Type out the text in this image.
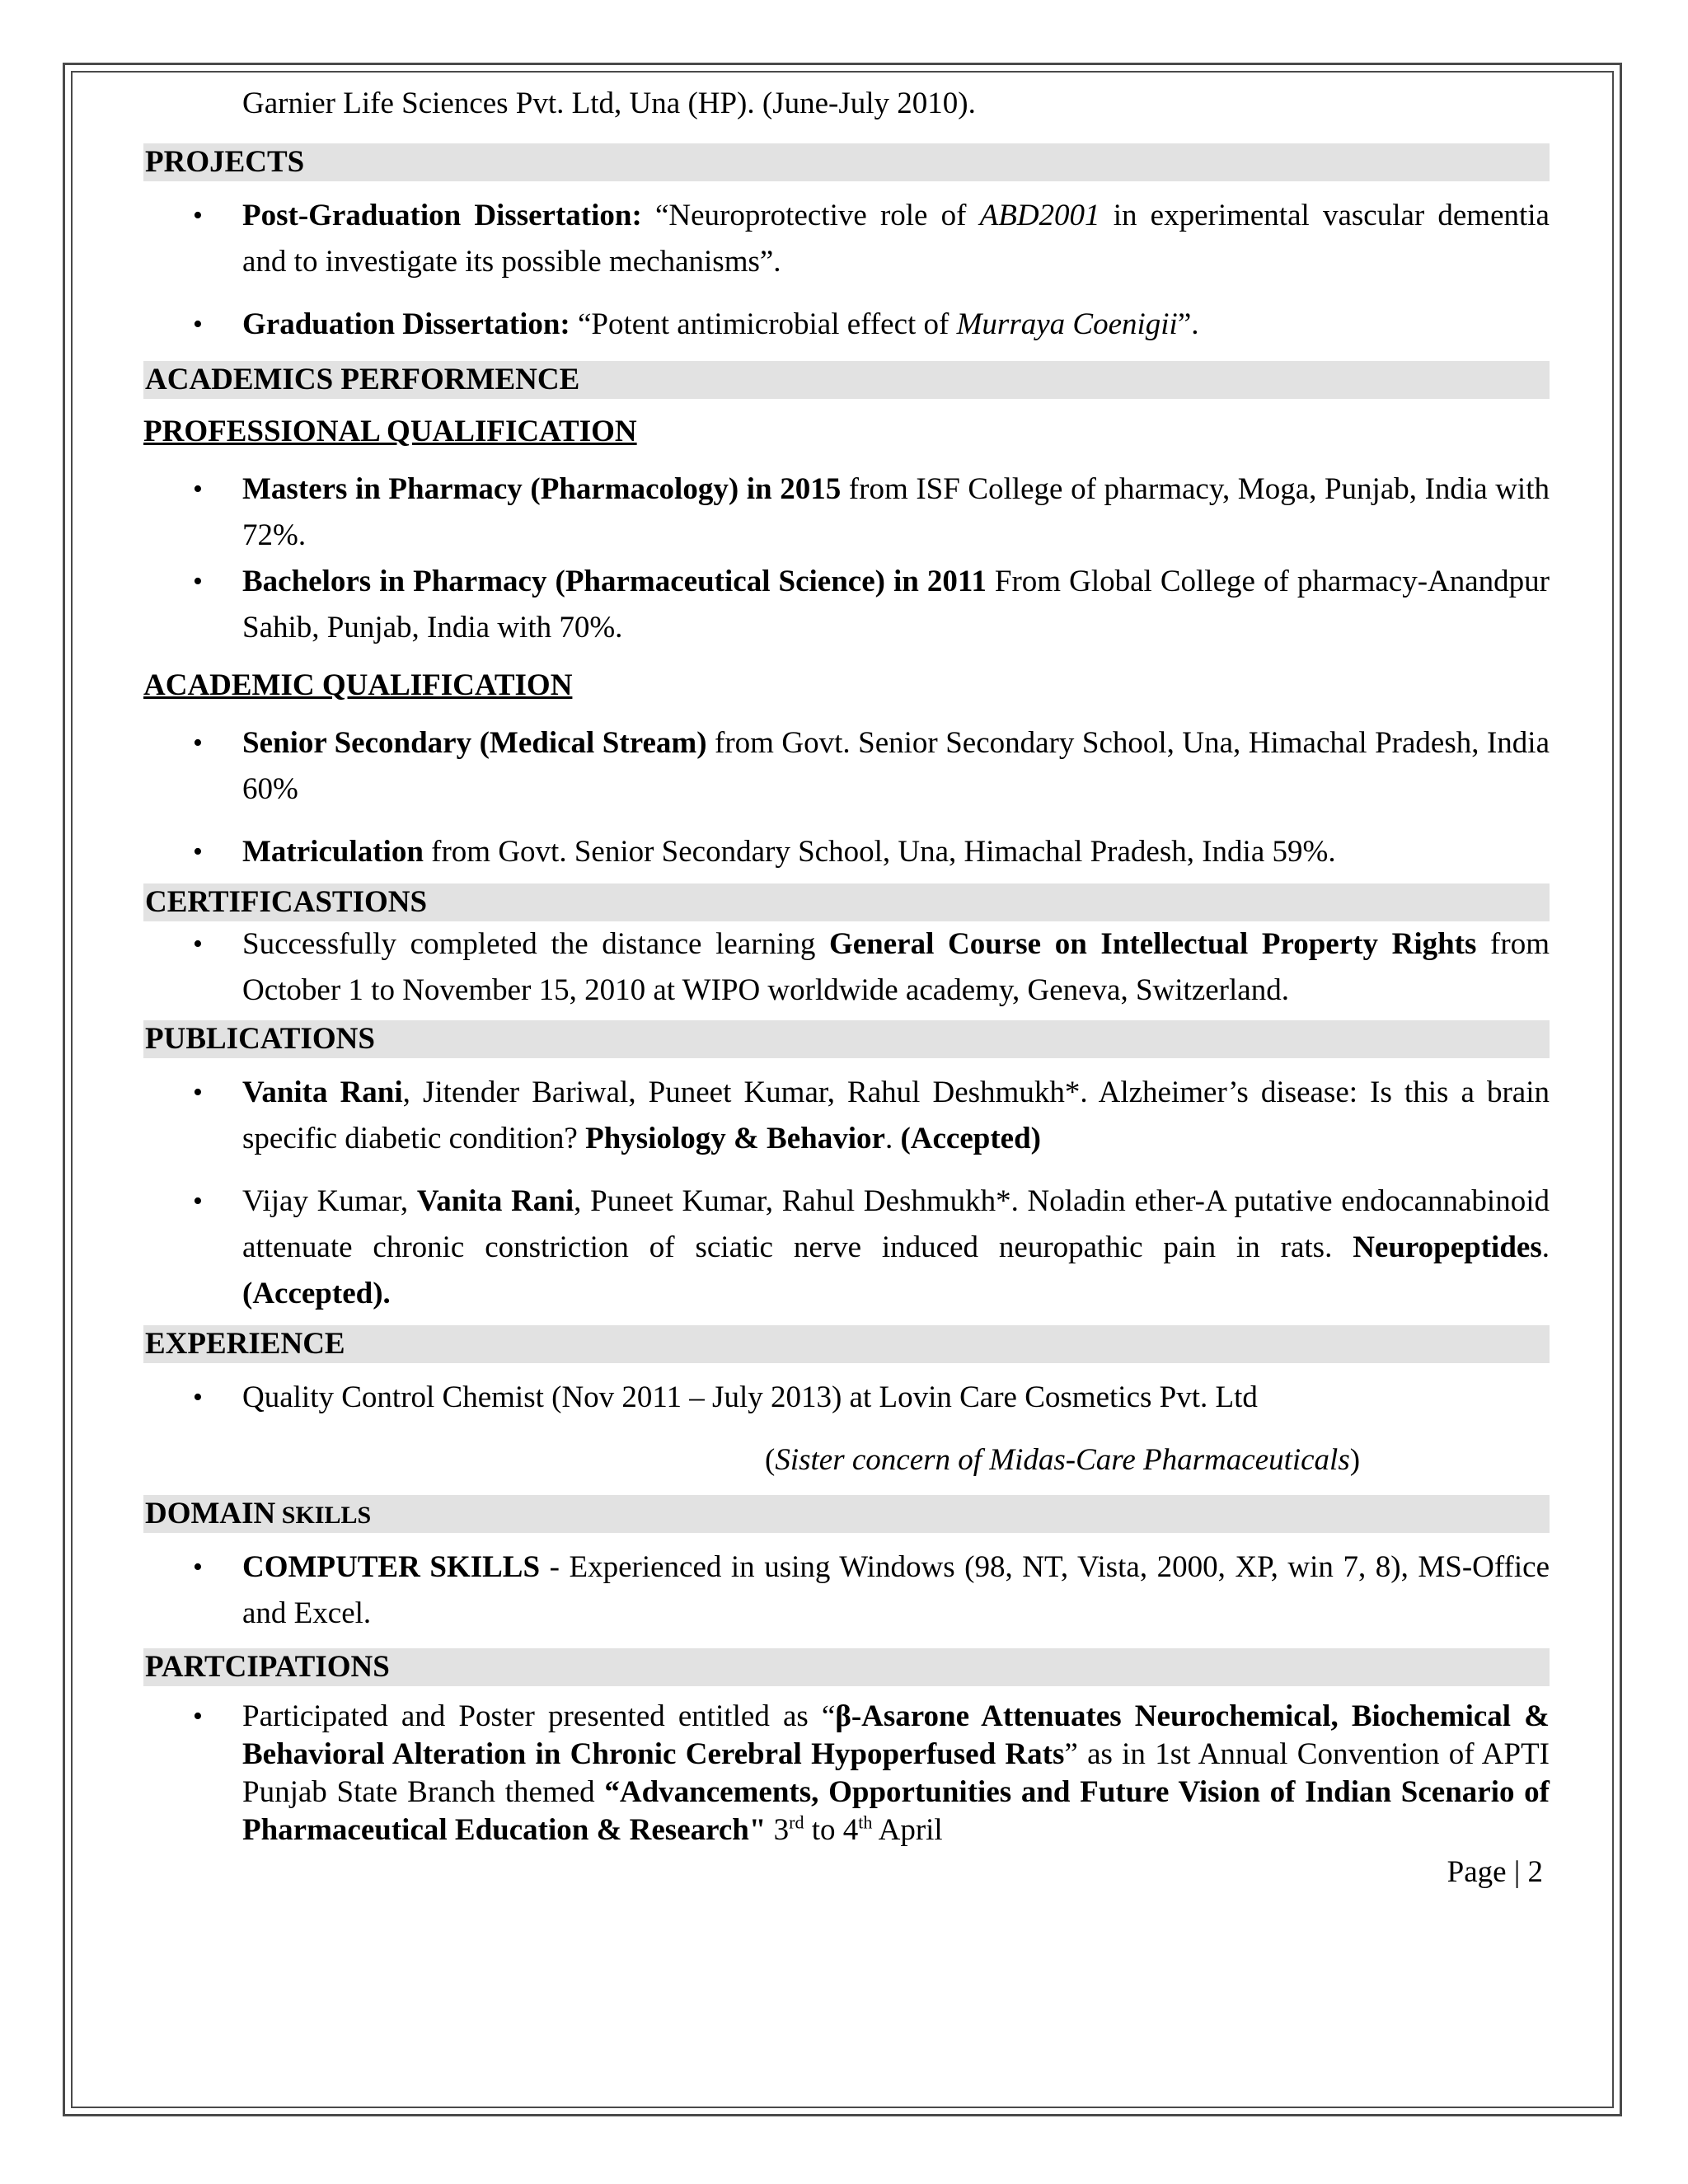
Garnier Life Sciences Pvt. Ltd, Una (HP). (June-July 2010).
PROJECTS
• Post-Graduation Dissertation: “Neuroprotective role of ABD2001 in experimental vascular dementia and to investigate its possible mechanisms”.
• Graduation Dissertation: “Potent antimicrobial effect of Murraya Coenigii”.
ACADEMICS PERFORMENCE
PROFESSIONAL QUALIFICATION
• Masters in Pharmacy (Pharmacology) in 2015 from ISF College of pharmacy, Moga, Punjab, India with 72%.
• Bachelors in Pharmacy (Pharmaceutical Science) in 2011 From Global College of pharmacy-Anandpur Sahib, Punjab, India with 70%.
ACADEMIC QUALIFICATION
• Senior Secondary (Medical Stream) from Govt. Senior Secondary School, Una, Himachal Pradesh, India 60%
• Matriculation from Govt. Senior Secondary School, Una, Himachal Pradesh, India 59%.
CERTIFICASTIONS
• Successfully completed the distance learning General Course on Intellectual Property Rights from October 1 to November 15, 2010 at WIPO worldwide academy, Geneva, Switzerland.
PUBLICATIONS
• Vanita Rani, Jitender Bariwal, Puneet Kumar, Rahul Deshmukh*. Alzheimer’s disease: Is this a brain specific diabetic condition? Physiology & Behavior. (Accepted)
• Vijay Kumar, Vanita Rani, Puneet Kumar, Rahul Deshmukh*. Noladin ether-A putative endocannabinoid attenuate chronic constriction of sciatic nerve induced neuropathic pain in rats. Neuropeptides. (Accepted).
EXPERIENCE
• Quality Control Chemist (Nov 2011 – July 2013) at Lovin Care Cosmetics Pvt. Ltd
(Sister concern of Midas-Care Pharmaceuticals)
DOMAIN SKILLS
• COMPUTER SKILLS - Experienced in using Windows (98, NT, Vista, 2000, XP, win 7, 8), MS-Office and Excel.
PARTCIPATIONS
• Participated and Poster presented entitled as “β-Asarone Attenuates Neurochemical, Biochemical & Behavioral Alteration in Chronic Cerebral Hypoperfused Rats” as in 1st Annual Convention of APTI Punjab State Branch themed “Advancements, Opportunities and Future Vision of Indian Scenario of Pharmaceutical Education & Research" 3rd to 4th April
Page | 2
